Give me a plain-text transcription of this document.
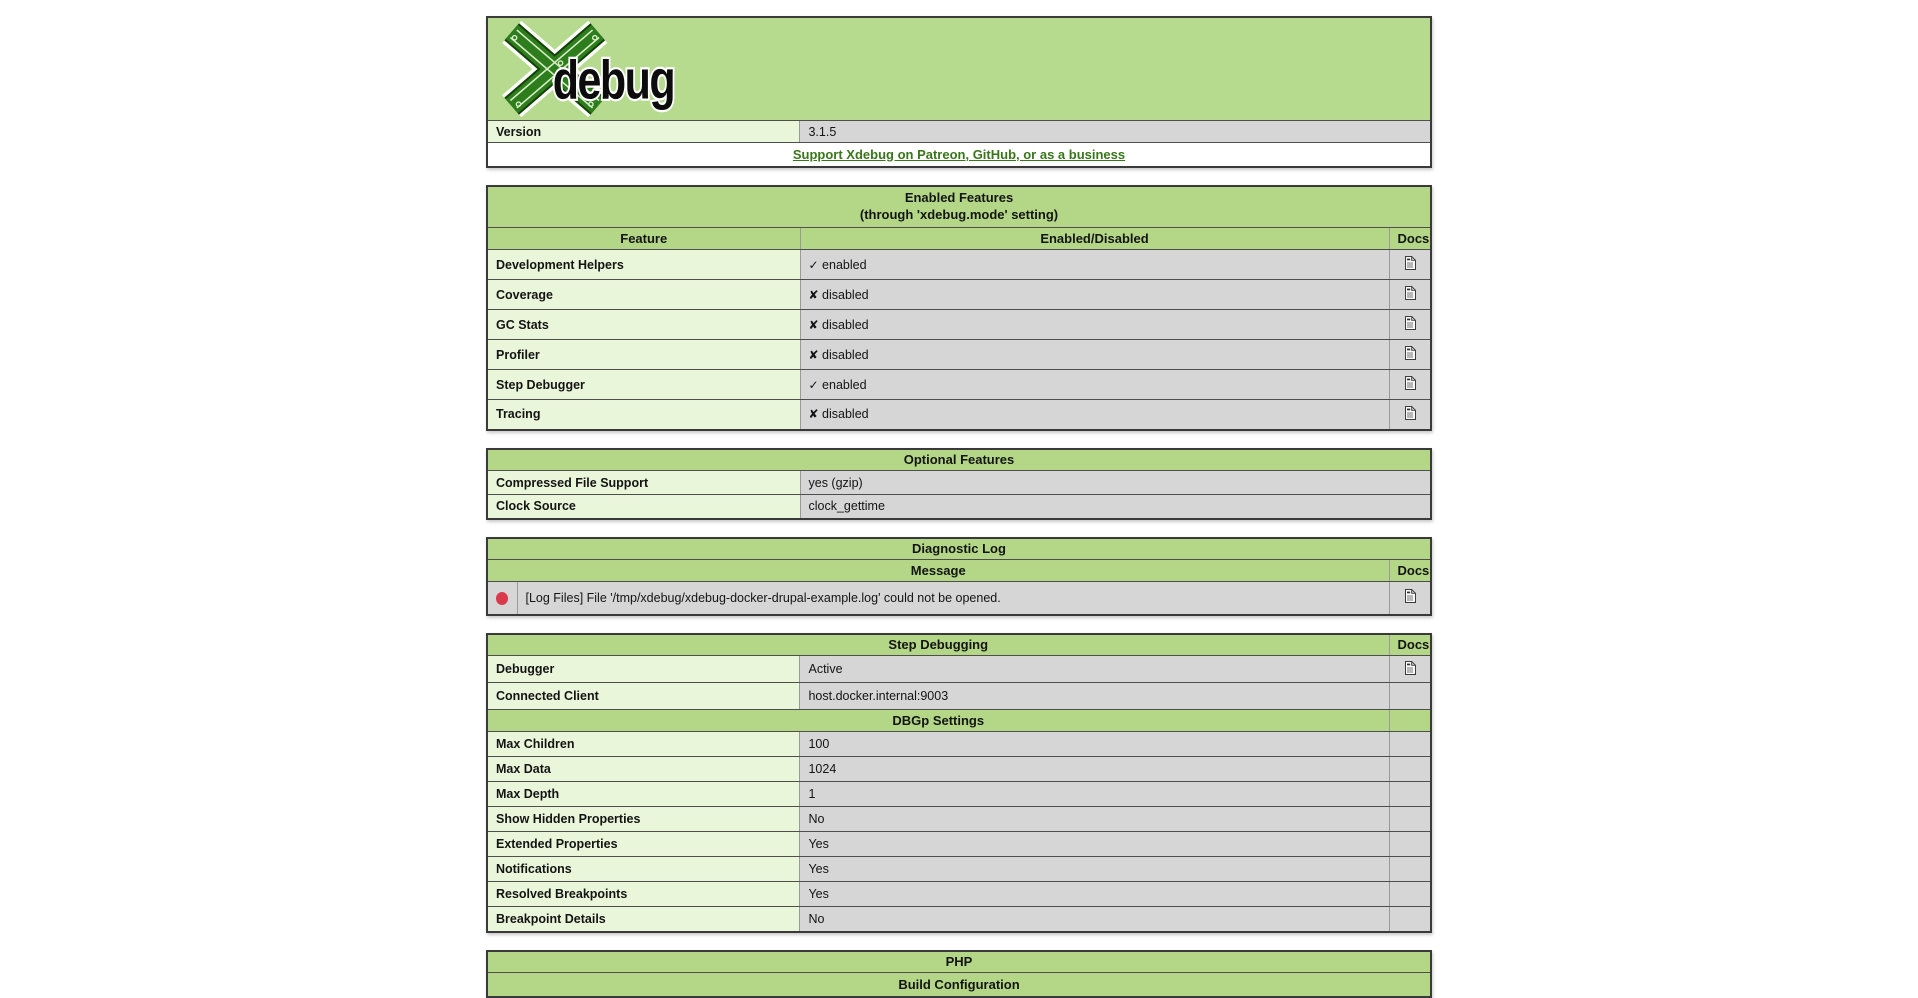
debug

Version	3.1.5
Support Xdebug on Patreon, GitHub, or as a business
Enabled Features
(through 'xdebug.mode' setting)		

Feature	Enabled/Disabled	Docs
Development Helpers	✓ enabled	
Coverage	✘ disabled	
GC Stats	✘ disabled	
Profiler	✘ disabled	
Step Debugger	✓ enabled	
Tracing	✘ disabled	
Optional Features	
Compressed File Support	yes (gzip)
Clock Source	clock_gettime
Diagnostic Log		
Message		Docs
	[Log Files] File '/tmp/xdebug/xdebug-docker-drupal-example.log' could not be opened.	
Step Debugging		Docs
Debugger	Active	
Connected Client	host.docker.internal:9003	
DBGp Settings		
Max Children	100	
Max Data	1024	
Max Depth	1	
Show Hidden Properties	No	
Extended Properties	Yes	
Notifications	Yes	
Resolved Breakpoints	Yes	
Breakpoint Details	No	
PHP
Build Configuration
